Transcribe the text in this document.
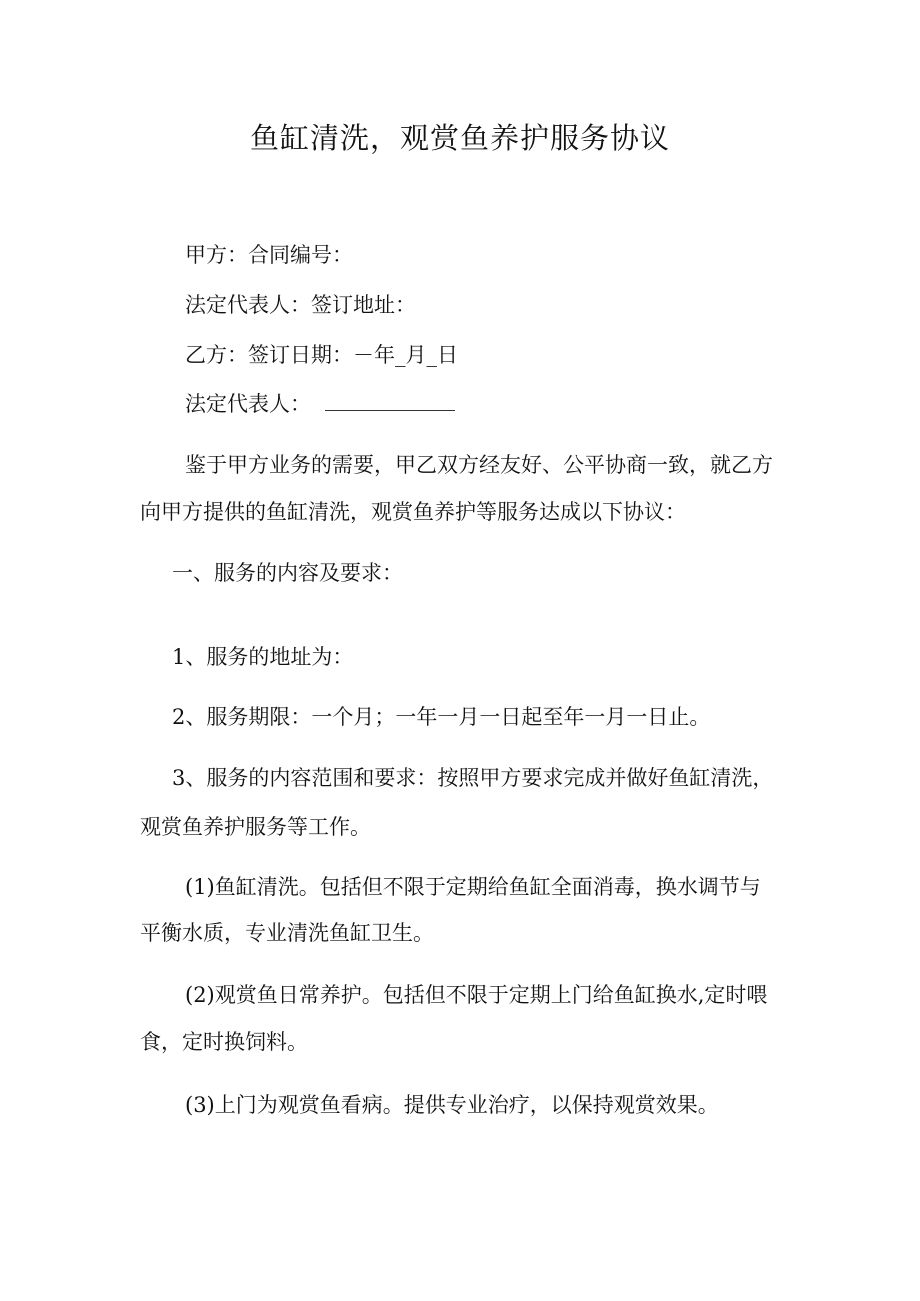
鱼缸清洗，观赏鱼养护服务协议
甲方：合同编号：
法定代表人：签订地址：
乙方：签订日期：－年_月_日
法定代表人：
鉴于甲方业务的需要，甲乙双方经友好、公平协商一致，就乙方
向甲方提供的鱼缸清洗，观赏鱼养护等服务达成以下协议：
一、服务的内容及要求：
1、服务的地址为：
2、服务期限：一个月；一年一月一日起至年一月一日止。
3、服务的内容范围和要求：按照甲方要求完成并做好鱼缸清洗，
观赏鱼养护服务等工作。
(1)鱼缸清洗。包括但不限于定期给鱼缸全面消毒，换水调节与
平衡水质，专业清洗鱼缸卫生。
(2)观赏鱼日常养护。包括但不限于定期上门给鱼缸换水,定时喂
食，定时换饲料。
(3)上门为观赏鱼看病。提供专业治疗，以保持观赏效果。
